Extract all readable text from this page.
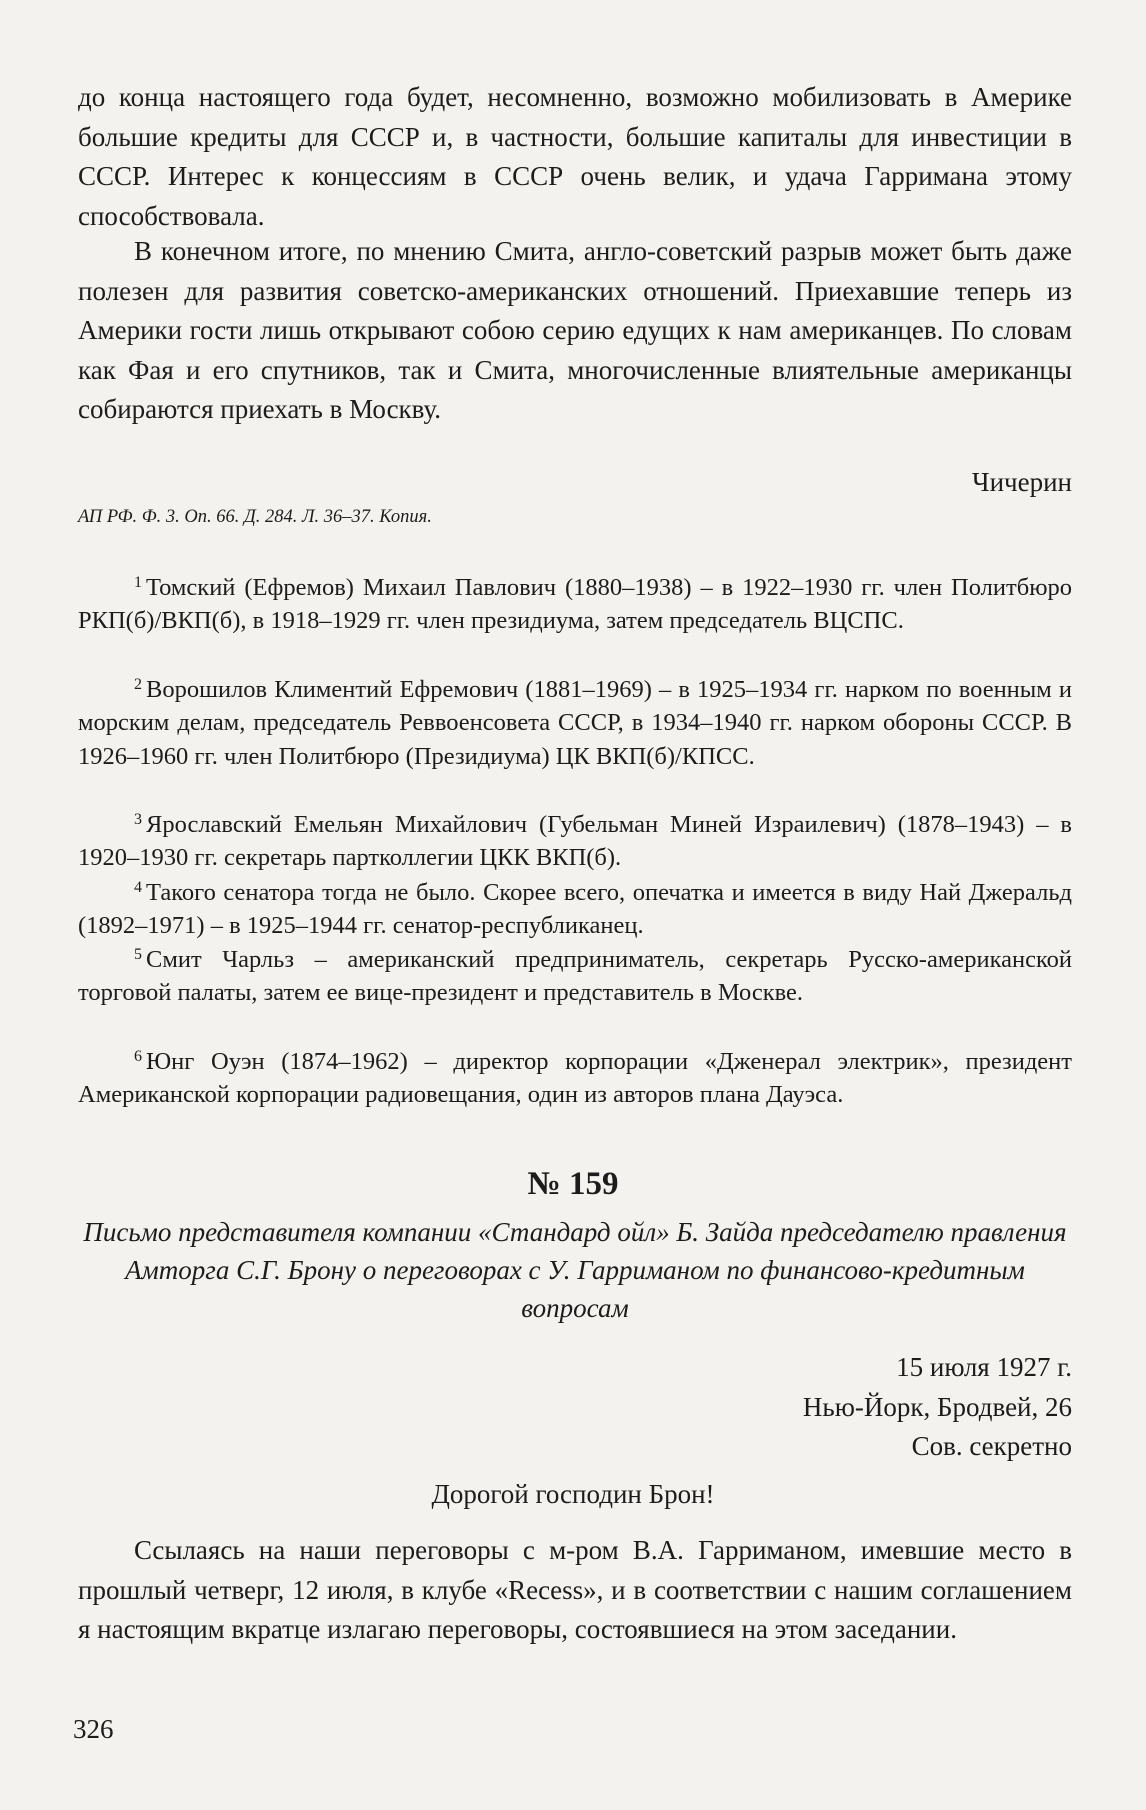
до конца настоящего года будет, несомненно, возможно мобилизовать в Америке большие кредиты для СССР и, в частности, большие капиталы для инвестиции в СССР. Интерес к концессиям в СССР очень велик, и удача Гарримана этому способствовала.

В конечном итоге, по мнению Смита, англо-советский разрыв может быть даже полезен для развития советско-американских отношений. Приехавшие теперь из Америки гости лишь открывают собою серию едущих к нам американцев. По словам как Фая и его спутников, так и Смита, многочисленные влиятельные американцы собираются приехать в Москву.

Чичерин

АП РФ. Ф. 3. Оп. 66. Д. 284. Л. 36–37. Копия.

$^1$ Томский (Ефремов) Михаил Павлович (1880–1938) – в 1922–1930 гг. член Политбюро РКП(б)/ВКП(б), в 1918–1929 гг. член президиума, затем председатель ВЦСПС.

$^2$ Ворошилов Климентий Ефремович (1881–1969) – в 1925–1934 гг. нарком по военным и морским делам, председатель Реввоенсовета СССР, в 1934–1940 гг. нарком обороны СССР. В 1926–1960 гг. член Политбюро (Президиума) ЦК ВКП(б)/КПСС.

$^3$ Ярославский Емельян Михайлович (Губельман Миней Израилевич) (1878–1943) – в 1920–1930 гг. секретарь партколлегии ЦКК ВКП(б).

$^4$ Такого сенатора тогда не было. Скорее всего, опечатка и имеется в виду Най Джеральд (1892–1971) – в 1925–1944 гг. сенатор-республиканец.

$^5$ Смит Чарльз – американский предприниматель, секретарь Русско-американской торговой палаты, затем ее вице-президент и представитель в Москве.

$^6$ Юнг Оуэн (1874–1962) – директор корпорации «Дженерал электрик», президент Американской корпорации радиовещания, один из авторов плана Дауэса.

№ 159

Письмо представителя компании «Стандард ойл» Б. Зайда председателю правления Амторга С.Г. Брону о переговорах с У. Гарриманом по финансово-кредитным вопросам

15 июля 1927 г.
Нью-Йорк, Бродвей, 26
Сов. секретно

Дорогой господин Брон!

Ссылаясь на наши переговоры с м-ром В.А. Гарриманом, имевшие место в прошлый четверг, 12 июля, в клубе «Recess», и в соответствии с нашим соглашением я настоящим вкратце излагаю переговоры, состоявшиеся на этом заседании.

326
